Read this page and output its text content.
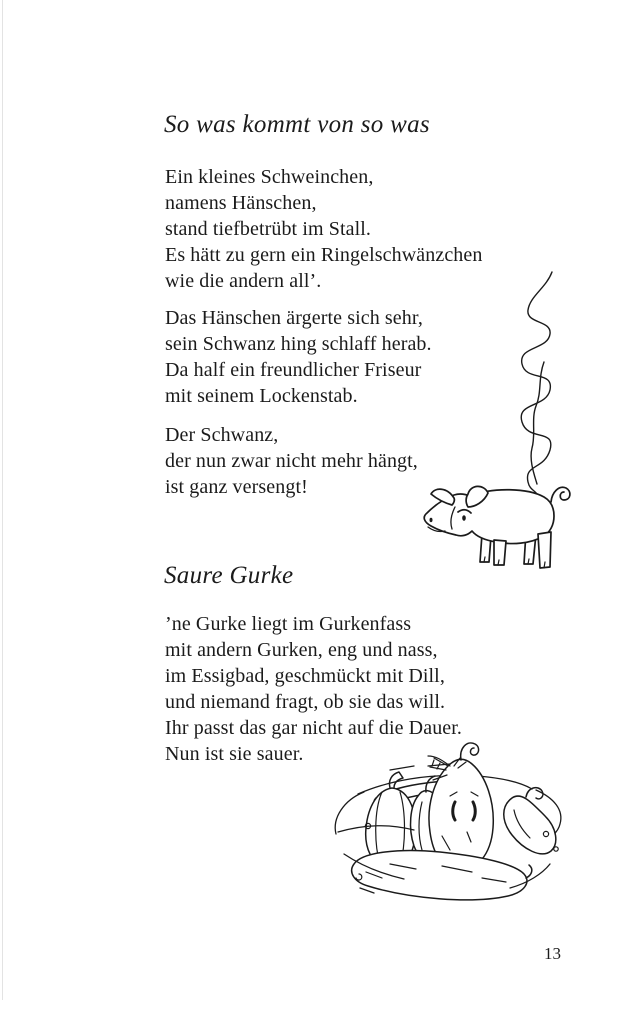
So was kommt von so was
Ein kleines Schweinchen,
namens Hänschen,
stand tiefbetrübt im Stall.
Es hätt zu gern ein Ringelschwänzchen
wie die andern all’.
Das Hänschen ärgerte sich sehr,
sein Schwanz hing schlaff herab.
Da half ein freundlicher Friseur
mit seinem Lockenstab.
Der Schwanz,
der nun zwar nicht mehr hängt,
ist ganz versengt!
Saure Gurke
’ne Gurke liegt im Gurkenfass
mit andern Gurken, eng und nass,
im Essigbad, geschmückt mit Dill,
und niemand fragt, ob sie das will.
Ihr passt das gar nicht auf die Dauer.
Nun ist sie sauer.
13
